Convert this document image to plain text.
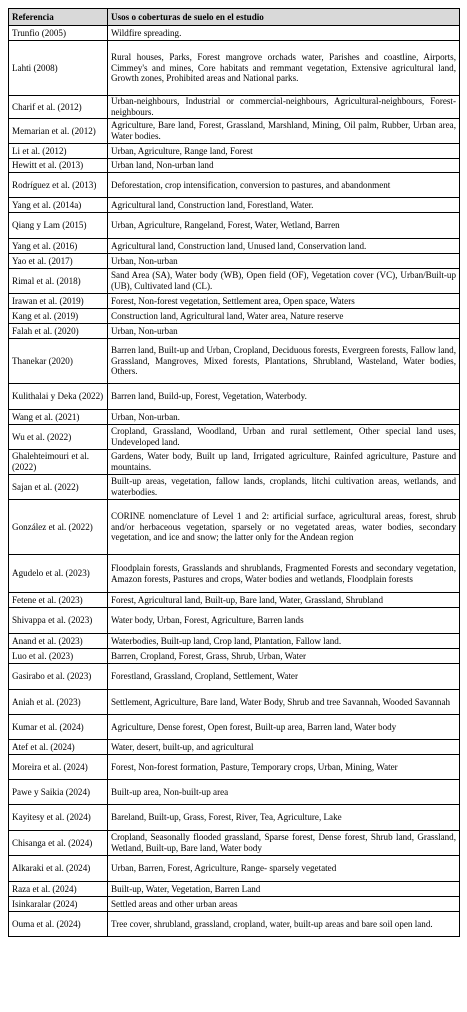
Referencia	Usos o coberturas de suelo en el estudio
Trunfio (2005)	Wildfire spreading.
Lahti (2008)	Rural houses, Parks, Forest mangrove orchads water, Parishes and coastline, Airports, Cimmey's and mines, Core habitats and remmant vegetation, Extensive agricultural land, Growth zones, Prohibited areas and National parks.
Charif et al. (2012)	Urban-neighbours, Industrial or commercial-neighbours, Agricultural-neighbours, Forest-neighbours.
Memarian et al. (2012)	Agriculture, Bare land, Forest, Grassland, Marshland, Mining, Oil palm, Rubber, Urban area, Water bodies.
Li et al. (2012)	Urban, Agriculture, Range land, Forest
Hewitt et al. (2013)	Urban land, Non-urban land
Rodríguez et al. (2013)	Deforestation, crop intensification, conversion to pastures, and abandonment
Yang et al. (2014a)	Agricultural land, Construction land, Forestland, Water.
Qiang y Lam (2015)	Urban, Agriculture, Rangeland, Forest, Water, Wetland, Barren
Yang et al. (2016)	Agricultural land, Construction land, Unused land, Conservation land.
Yao et al. (2017)	Urban, Non-urban
Rimal et al. (2018)	Sand Area (SA), Water body (WB), Open field (OF), Vegetation cover (VC), Urban/Built-up (UB), Cultivated land (CL).
Irawan et al. (2019)	Forest, Non-forest vegetation, Settlement area, Open space, Waters
Kang et al. (2019)	Construction land, Agricultural land, Water area, Nature reserve
Falah et al. (2020)	Urban, Non-urban
Thanekar (2020)	Barren land, Built-up and Urban, Cropland, Deciduous forests, Evergreen forests, Fallow land, Grassland, Mangroves, Mixed forests, Plantations, Shrubland, Wasteland, Water bodies, Others.
Kulithalai y Deka (2022)	Barren land, Build-up, Forest, Vegetation, Waterbody.
Wang et al. (2021)	Urban, Non-urban.
Wu et al. (2022)	Cropland, Grassland, Woodland, Urban and rural settlement, Other special land uses, Undeveloped land.
Ghalehteimouri et al. (2022)	Gardens, Water body, Built up land, Irrigated agriculture, Rainfed agriculture, Pasture and mountains.
Sajan et al. (2022)	Built-up areas, vegetation, fallow lands, croplands, litchi cultivation areas, wetlands, and waterbodies.
González et al. (2022)	CORINE nomenclature of Level 1 and 2: artificial surface, agricultural areas, forest, shrub and/or herbaceous vegetation, sparsely or no vegetated areas, water bodies, secondary vegetation, and ice and snow; the latter only for the Andean region
Agudelo et al. (2023)	Floodplain forests, Grasslands and shrublands, Fragmented Forests and secondary vegetation, Amazon forests, Pastures and crops, Water bodies and wetlands, Floodplain forests
Fetene et al. (2023)	Forest, Agricultural land, Built-up, Bare land, Water, Grassland, Shrubland
Shivappa et al. (2023)	Water body, Urban, Forest, Agriculture, Barren lands
Anand et al. (2023)	Waterbodies, Built-up land, Crop land, Plantation, Fallow land.
Luo et al. (2023)	Barren, Cropland, Forest, Grass, Shrub, Urban, Water
Gasirabo et al. (2023)	Forestland, Grassland, Cropland, Settlement, Water
Aniah et al. (2023)	Settlement, Agriculture, Bare land, Water Body, Shrub and tree Savannah, Wooded Savannah
Kumar et al. (2024)	Agriculture, Dense forest, Open forest, Built-up area, Barren land, Water body
Atef et al. (2024)	Water, desert, built-up, and agricultural
Moreira et al. (2024)	Forest, Non-forest formation, Pasture, Temporary crops, Urban, Mining, Water
Pawe y Saikia (2024)	Built-up area, Non-built-up area
Kayitesy et al. (2024)	Bareland, Built-up, Grass, Forest, River, Tea, Agriculture, Lake
Chisanga et al. (2024)	Cropland, Seasonally flooded grassland, Sparse forest, Dense forest, Shrub land, Grassland, Wetland, Built-up, Bare land, Water body
Alkaraki et al. (2024)	Urban, Barren, Forest, Agriculture, Range- sparsely vegetated
Raza et al. (2024)	Built-up, Water, Vegetation, Barren Land
Isinkaralar (2024)	Settled areas and other urban areas
Ouma et al. (2024)	Tree cover, shrubland, grassland, cropland, water, built-up areas and bare soil open land.
